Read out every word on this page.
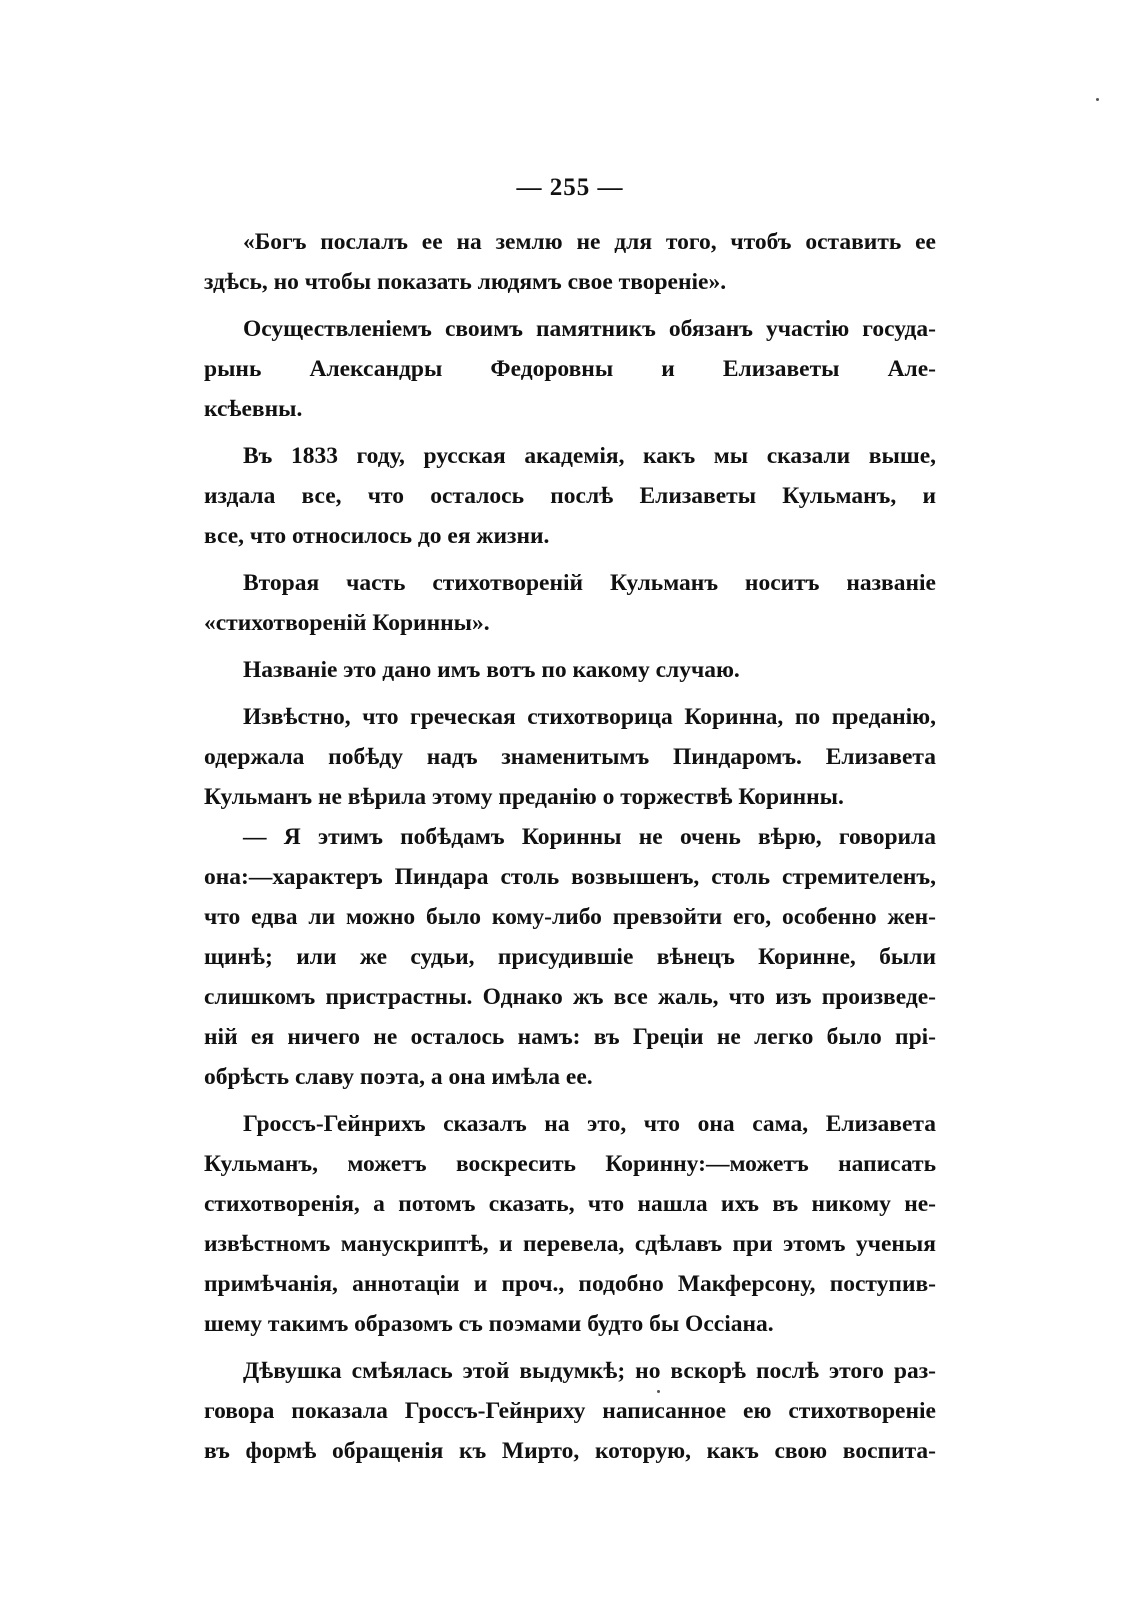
— 255 —
«Богъ послалъ ее на землю не для того, чтобъ оставить ее
здѣсь, но чтобы показать людямъ свое твореніе».
Осуществленіемъ своимъ памятникъ обязанъ участію госуда-
рынь Александры Федоровны и Елизаветы Але-
ксѣевны.
Въ 1833 году, русская академія, какъ мы сказали выше,
издала все, что осталось послѣ Елизаветы Кульманъ, и
все, что относилось до ея жизни.
Вторая часть стихотвореній Кульманъ носитъ названіе
«стихотвореній Коринны».
Названіе это дано имъ вотъ по какому случаю.
Извѣстно, что греческая стихотворица Коринна, по преданію,
одержала побѣду надъ знаменитымъ Пиндаромъ. Елизавета
Кульманъ не вѣрила этому преданію о торжествѣ Коринны.
— Я этимъ побѣдамъ Коринны не очень вѣрю, говорила
она:—характеръ Пиндара столь возвышенъ, столь стремителенъ,
что едва ли можно было кому-либо превзойти его, особенно жен-
щинѣ; или же судьи, присудившіе вѣнецъ Коринне, были
слишкомъ пристрастны. Однако жъ все жаль, что изъ произведе-
ній ея ничего не осталось намъ: въ Греціи не легко было прі-
обрѣсть славу поэта, а она имѣла ее.
Гроссъ-Гейнрихъ сказалъ на это, что она сама, Елизавета
Кульманъ, можетъ воскресить Коринну:—можетъ написать
стихотворенія, а потомъ сказать, что нашла ихъ въ никому не-
извѣстномъ манускриптѣ, и перевела, сдѣлавъ при этомъ ученыя
примѣчанія, аннотаціи и проч., подобно Макферсону, поступив-
шему такимъ образомъ съ поэмами будто бы Оссіана.
Дѣвушка смѣялась этой выдумкѣ; но вскорѣ послѣ этого раз-
говора показала Гроссъ-Гейнриху написанное ею стихотвореніе
въ формѣ обращенія къ Мирто, которую, какъ свою воспита-
